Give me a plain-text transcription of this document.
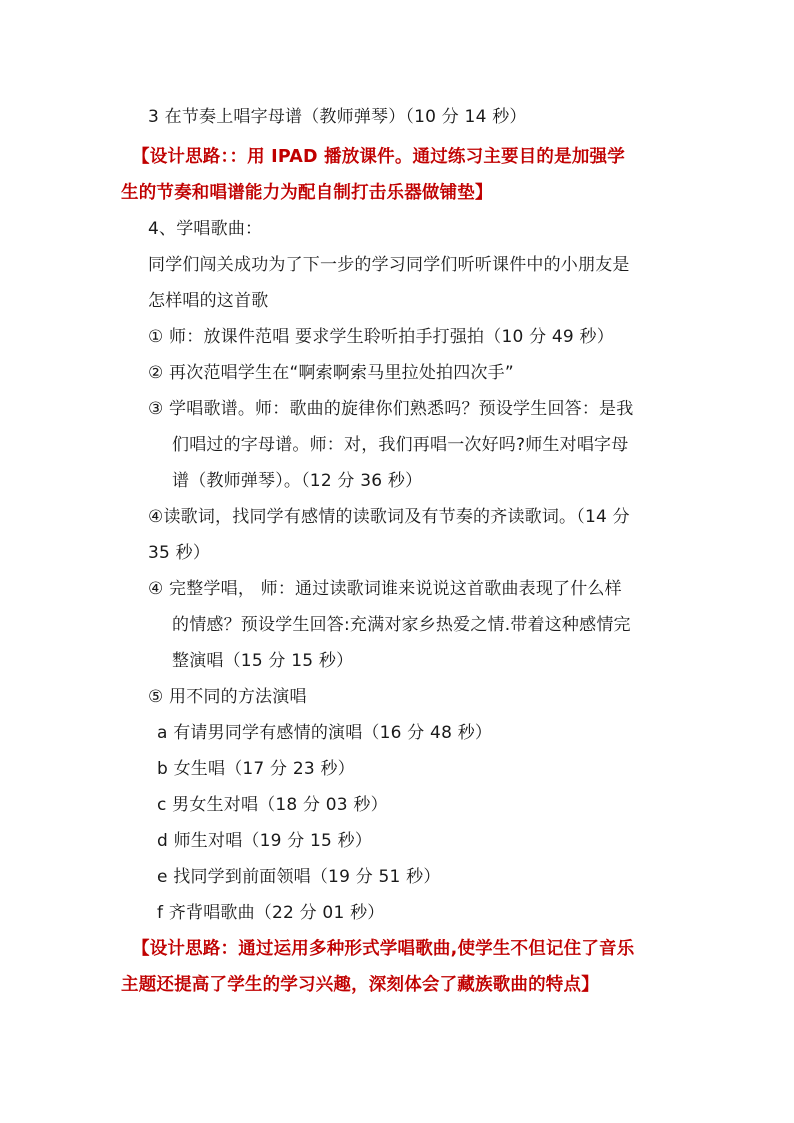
3 在节奏上唱字母谱（教师弹琴）（10 分 14 秒）
【设计思路：：用 IPAD 播放课件。通过练习主要目的是加强学
生的节奏和唱谱能力为配自制打击乐器做铺垫】
4、学唱歌曲：
同学们闯关成功为了下一步的学习同学们听听课件中的小朋友是
怎样唱的这首歌
① 师：放课件范唱 要求学生聆听拍手打强拍（10 分 49 秒）
② 再次范唱学生在“啊索啊索马里拉处拍四次手”
③ 学唱歌谱。师：歌曲的旋律你们熟悉吗？预设学生回答：是我
们唱过的字母谱。师：对，我们再唱一次好吗?师生对唱字母
谱（教师弹琴）。（12 分 36 秒）
④读歌词，找同学有感情的读歌词及有节奏的齐读歌词。（14 分
35 秒）
④ 完整学唱， 师：通过读歌词谁来说说这首歌曲表现了什么样
的情感？预设学生回答:充满对家乡热爱之情.带着这种感情完
整演唱（15 分 15 秒）
⑤ 用不同的方法演唱
a 有请男同学有感情的演唱（16 分 48 秒）
b 女生唱（17 分 23 秒）
c 男女生对唱（18 分 03 秒）
d 师生对唱（19 分 15 秒）
e 找同学到前面领唱（19 分 51 秒）
f 齐背唱歌曲（22 分 01 秒）
【设计思路：通过运用多种形式学唱歌曲,使学生不但记住了音乐
主题还提高了学生的学习兴趣，深刻体会了藏族歌曲的特点】
